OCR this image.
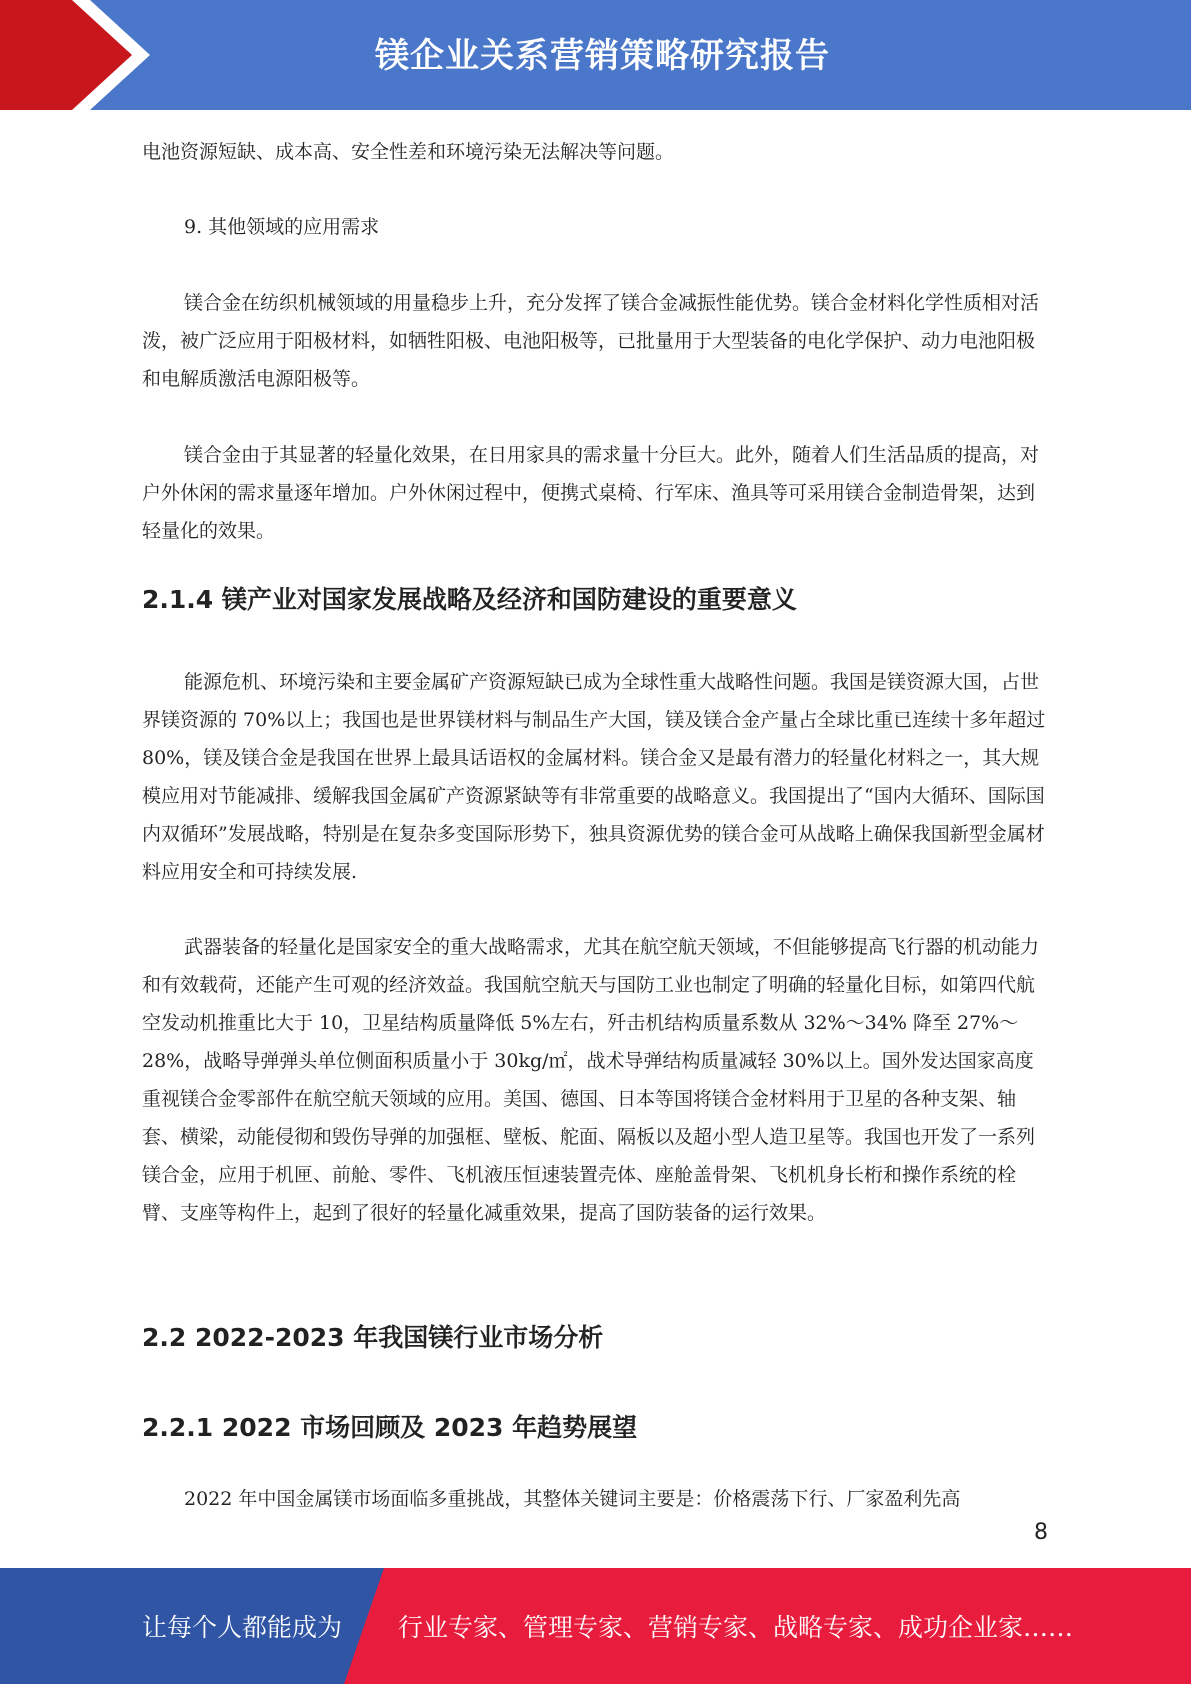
镁企业关系营销策略研究报告

电池资源短缺、成本高、安全性差和环境污染无法解决等问题。

9. 其他领域的应用需求

镁合金在纺织机械领域的用量稳步上升，充分发挥了镁合金减振性能优势。镁合金材料化学性质相对活泼，被广泛应用于阳极材料，如牺牲阳极、电池阳极等，已批量用于大型装备的电化学保护、动力电池阳极和电解质激活电源阳极等。

镁合金由于其显著的轻量化效果，在日用家具的需求量十分巨大。此外，随着人们生活品质的提高，对户外休闲的需求量逐年增加。户外休闲过程中，便携式桌椅、行军床、渔具等可采用镁合金制造骨架，达到轻量化的效果。

2.1.4 镁产业对国家发展战略及经济和国防建设的重要意义

能源危机、环境污染和主要金属矿产资源短缺已成为全球性重大战略性问题。我国是镁资源大国，占世界镁资源的 70%以上；我国也是世界镁材料与制品生产大国，镁及镁合金产量占全球比重已连续十多年超过 80%，镁及镁合金是我国在世界上最具话语权的金属材料。镁合金又是最有潜力的轻量化材料之一，其大规模应用对节能减排、缓解我国金属矿产资源紧缺等有非常重要的战略意义。我国提出了“国内大循环、国际国内双循环”发展战略，特别是在复杂多变国际形势下，独具资源优势的镁合金可从战略上确保我国新型金属材料应用安全和可持续发展.

武器装备的轻量化是国家安全的重大战略需求，尤其在航空航天领域，不但能够提高飞行器的机动能力和有效载荷，还能产生可观的经济效益。我国航空航天与国防工业也制定了明确的轻量化目标，如第四代航空发动机推重比大于 10，卫星结构质量降低 5%左右，歼击机结构质量系数从 32%～34% 降至 27%～28%，战略导弹弹头单位侧面积质量小于 30kg/㎡，战术导弹结构质量减轻 30%以上。国外发达国家高度重视镁合金零部件在航空航天领域的应用。美国、德国、日本等国将镁合金材料用于卫星的各种支架、轴套、横梁，动能侵彻和毁伤导弹的加强框、壁板、舵面、隔板以及超小型人造卫星等。我国也开发了一系列镁合金，应用于机匣、前舱、零件、飞机液压恒速装置壳体、座舱盖骨架、飞机机身长桁和操作系统的栓臂、支座等构件上，起到了很好的轻量化减重效果，提高了国防装备的运行效果。

2.2 2022-2023 年我国镁行业市场分析
2.2.1 2022 市场回顾及 2023 年趋势展望

2022 年中国金属镁市场面临多重挑战，其整体关键词主要是：价格震荡下行、厂家盈利先高

8
让每个人都能成为 行业专家、管理专家、营销专家、战略专家、成功企业家……
